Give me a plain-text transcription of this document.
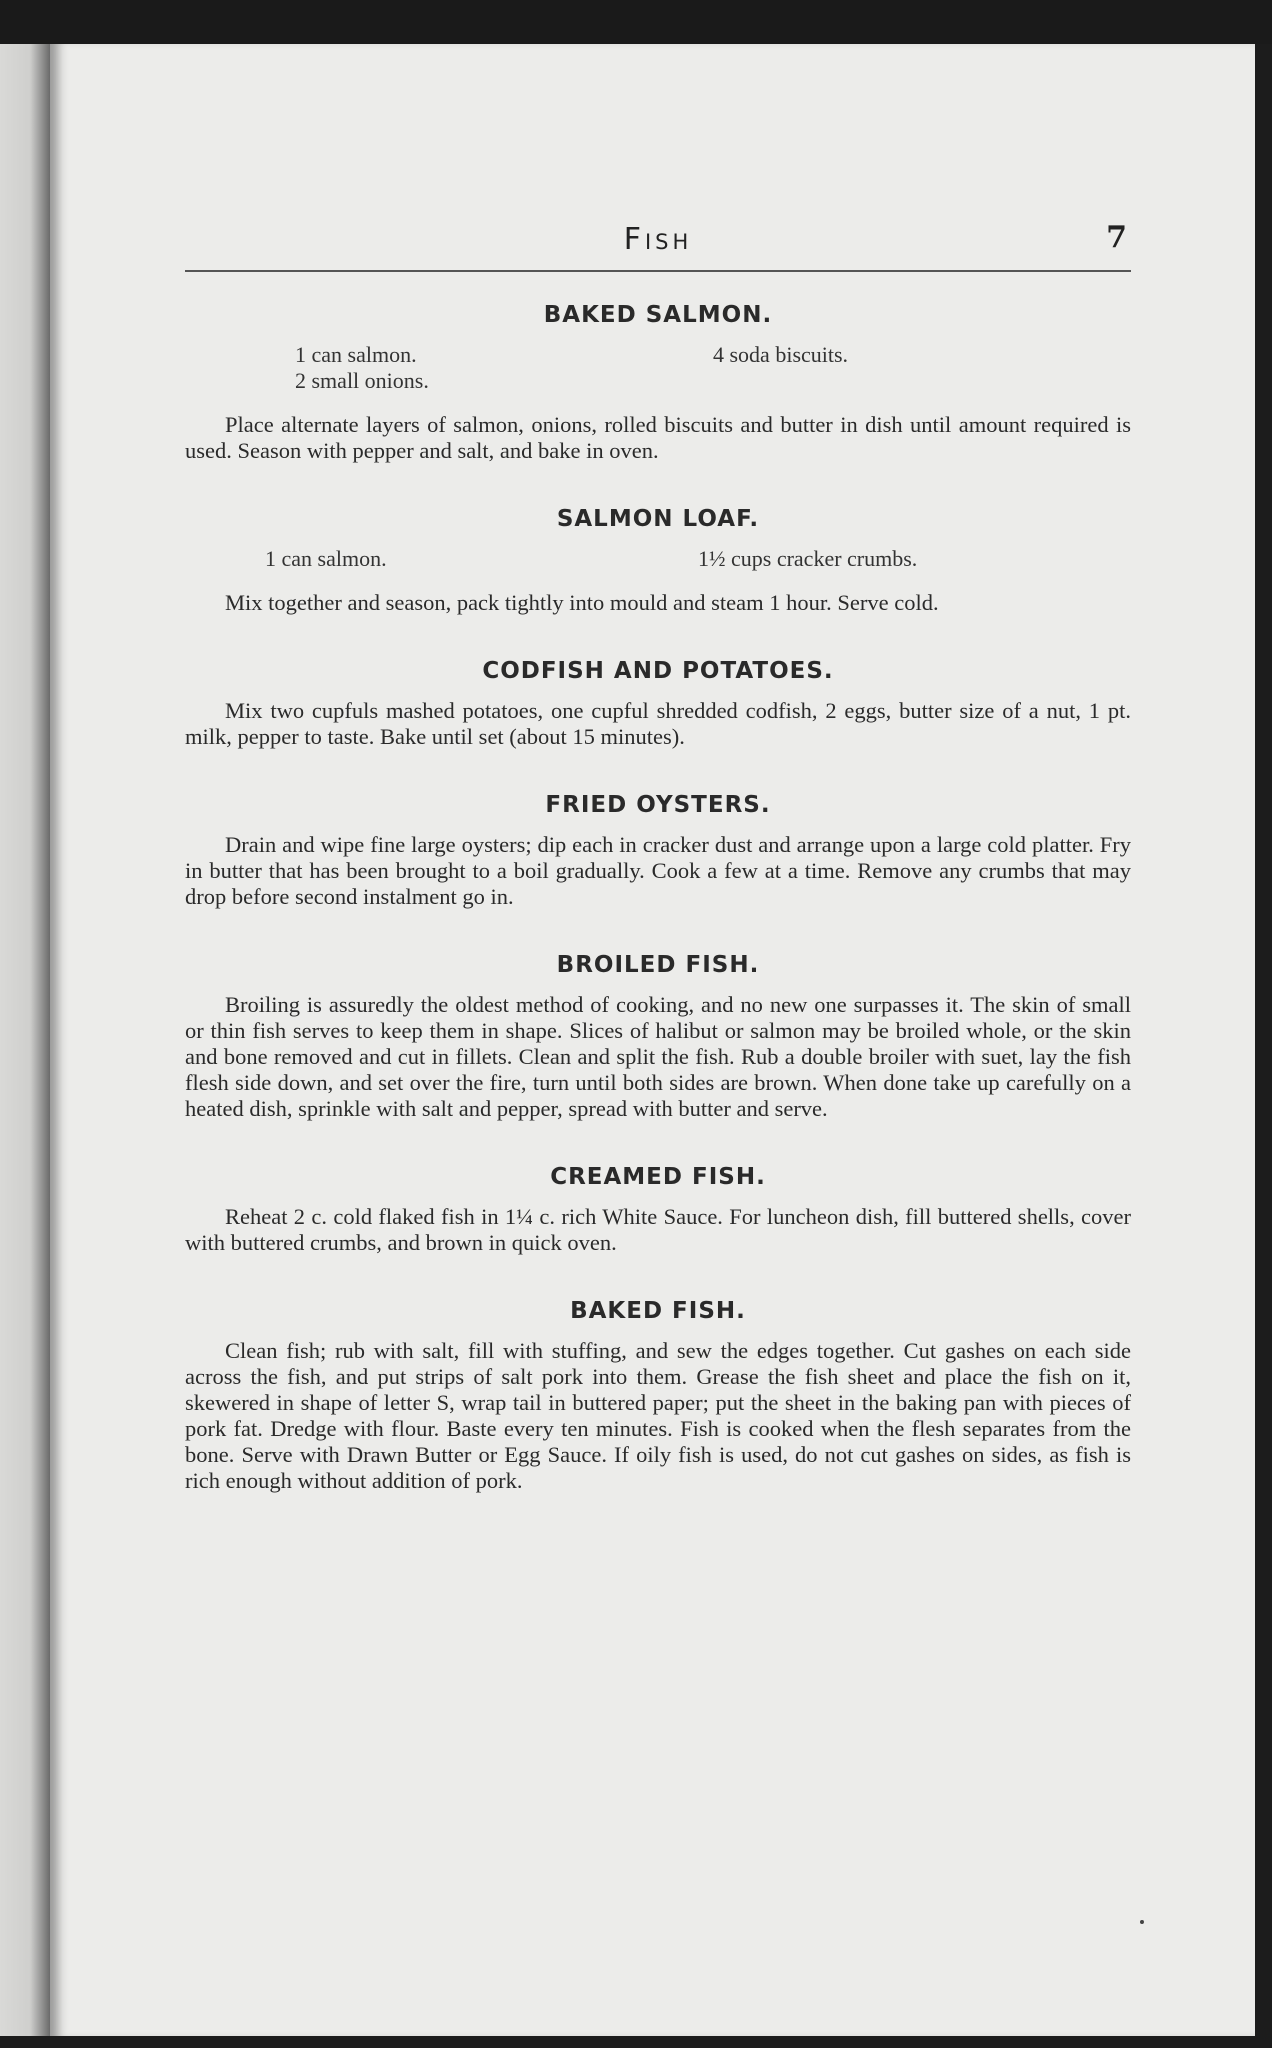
Fish	7
BAKED SALMON.
1 can salmon.
2 small onions.
4 soda biscuits.

Place alternate layers of salmon, onions, rolled biscuits and butter in dish until amount required is used. Season with pepper and salt, and bake in oven.

SALMON LOAF.
1 can salmon.	1½ cups cracker crumbs.

Mix together and season, pack tightly into mould and steam 1 hour. Serve cold.

CODFISH AND POTATOES.

Mix two cupfuls mashed potatoes, one cupful shredded codfish, 2 eggs, butter size of a nut, 1 pt. milk, pepper to taste. Bake until set (about 15 minutes).

FRIED OYSTERS.

Drain and wipe fine large oysters; dip each in cracker dust and arrange upon a large cold platter. Fry in butter that has been brought to a boil gradually. Cook a few at a time. Remove any crumbs that may drop before second instalment go in.

BROILED FISH.

Broiling is assuredly the oldest method of cooking, and no new one surpasses it. The skin of small or thin fish serves to keep them in shape. Slices of halibut or salmon may be broiled whole, or the skin and bone removed and cut in fillets. Clean and split the fish. Rub a double broiler with suet, lay the fish flesh side down, and set over the fire, turn until both sides are brown. When done take up carefully on a heated dish, sprinkle with salt and pepper, spread with butter and serve.

CREAMED FISH.

Reheat 2 c. cold flaked fish in 1¼ c. rich White Sauce. For luncheon dish, fill buttered shells, cover with buttered crumbs, and brown in quick oven.

BAKED FISH.

Clean fish; rub with salt, fill with stuffing, and sew the edges together. Cut gashes on each side across the fish, and put strips of salt pork into them. Grease the fish sheet and place the fish on it, skewered in shape of letter S, wrap tail in buttered paper; put the sheet in the baking pan with pieces of pork fat. Dredge with flour. Baste every ten minutes. Fish is cooked when the flesh separates from the bone. Serve with Drawn Butter or Egg Sauce. If oily fish is used, do not cut gashes on sides, as fish is rich enough without addition of pork.
